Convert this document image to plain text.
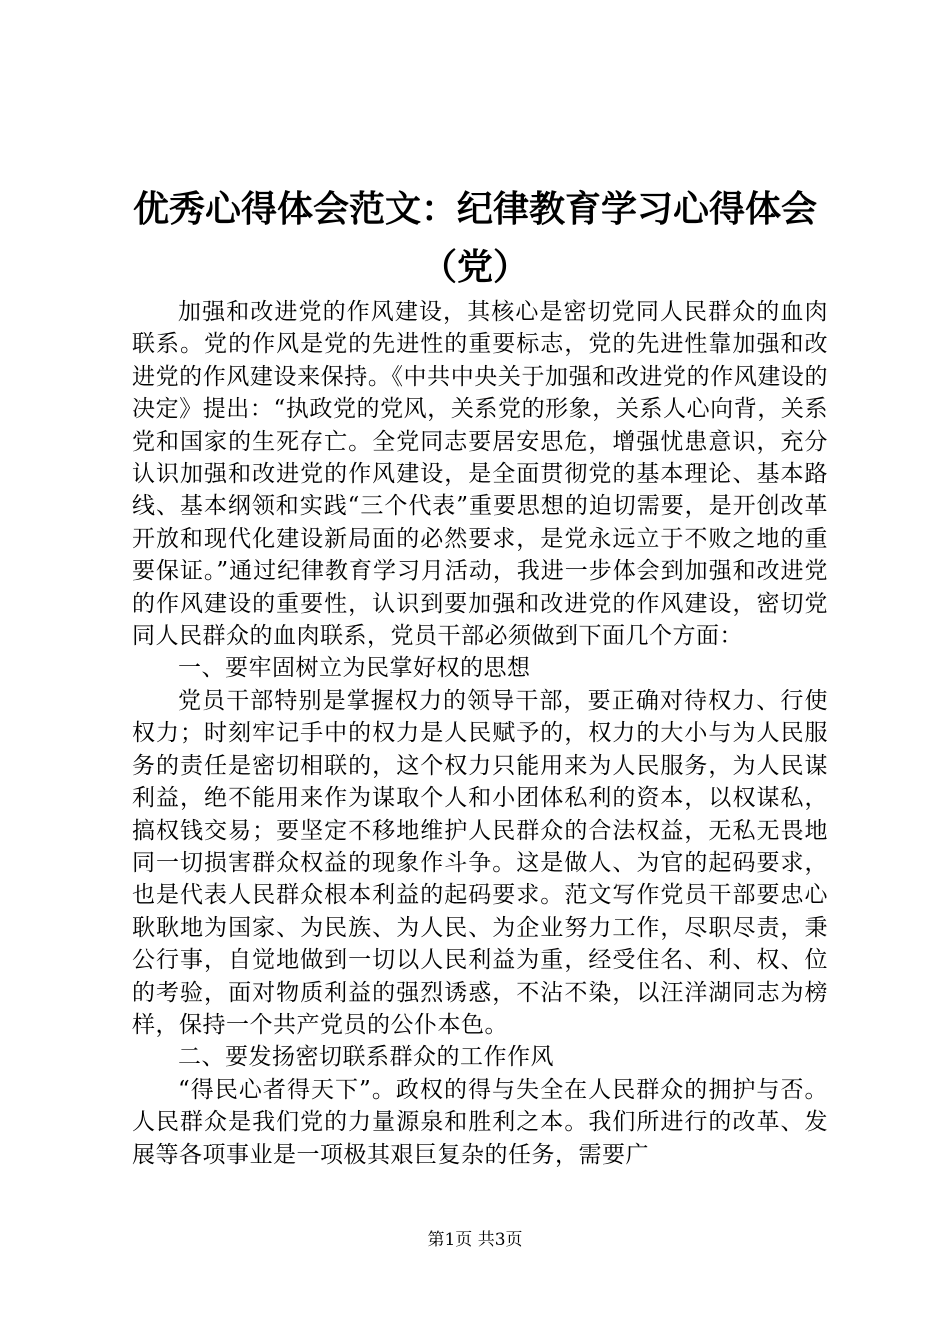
优秀心得体会范文：纪律教育学习心得体会
（党）

加强和改进党的作风建设，其核心是密切党同人民群众的血肉联系。党的作风是党的先进性的重要标志，党的先进性靠加强和改进党的作风建设来保持。《中共中央关于加强和改进党的作风建设的决定》提出：“执政党的党风，关系党的形象，关系人心向背，关系党和国家的生死存亡。全党同志要居安思危，增强忧患意识，充分认识加强和改进党的作风建设，是全面贯彻党的基本理论、基本路线、基本纲领和实践“三个代表”重要思想的迫切需要，是开创改革开放和现代化建设新局面的必然要求，是党永远立于不败之地的重要保证。”通过纪律教育学习月活动，我进一步体会到加强和改进党的作风建设的重要性，认识到要加强和改进党的作风建设，密切党同人民群众的血肉联系，党员干部必须做到下面几个方面：

一、要牢固树立为民掌好权的思想

党员干部特别是掌握权力的领导干部，要正确对待权力、行使权力；时刻牢记手中的权力是人民赋予的，权力的大小与为人民服务的责任是密切相联的，这个权力只能用来为人民服务，为人民谋利益，绝不能用来作为谋取个人和小团体私利的资本，以权谋私，搞权钱交易；要坚定不移地维护人民群众的合法权益，无私无畏地同一切损害群众权益的现象作斗争。这是做人、为官的起码要求，也是代表人民群众根本利益的起码要求。范文写作党员干部要忠心耿耿地为国家、为民族、为人民、为企业努力工作，尽职尽责，秉公行事，自觉地做到一切以人民利益为重，经受住名、利、权、位的考验，面对物质利益的强烈诱惑，不沾不染，以汪洋湖同志为榜样，保持一个共产党员的公仆本色。

二、要发扬密切联系群众的工作作风

“得民心者得天下”。政权的得与失全在人民群众的拥护与否。人民群众是我们党的力量源泉和胜利之本。我们所进行的改革、发展等各项事业是一项极其艰巨复杂的任务，需要广

第1页 共3页
